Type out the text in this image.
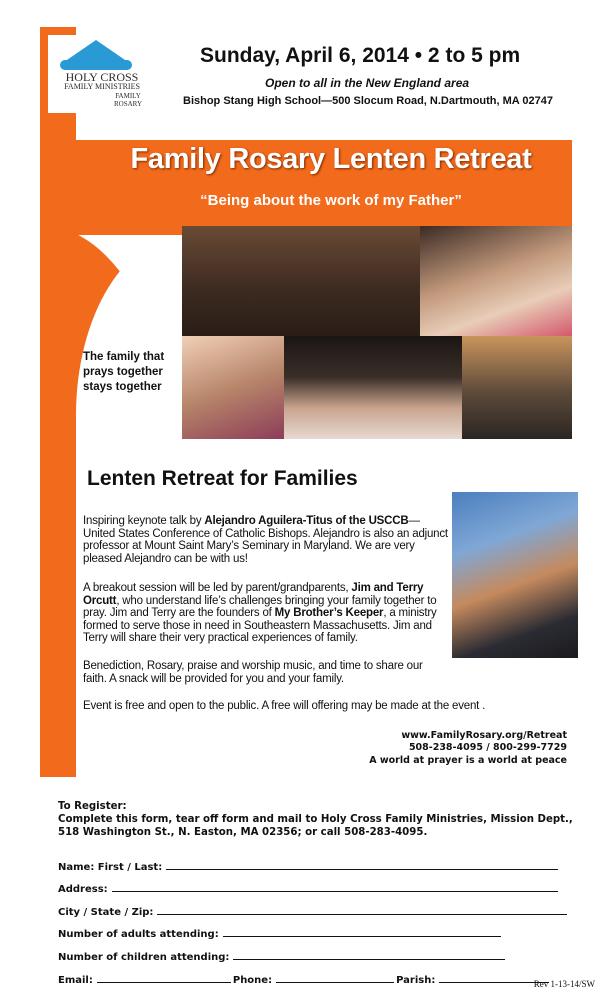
HOLY CROSS
FAMILY MINISTRIES
FAMILY ROSARY
Sunday, April 6, 2014 • 2 to 5 pm
Open to all in the New England area
Bishop Stang High School—500 Slocum Road, N.Dartmouth, MA 02747
Family Rosary Lenten Retreat
“Being about the work of my Father”
The family that prays together stays together
Lenten Retreat for Families
Inspiring keynote talk by Alejandro Aguilera-Titus of the USCCB—United States Conference of Catholic Bishops. Alejandro is also an adjunct professor at Mount Saint Mary’s Seminary in Maryland. We are very pleased Alejandro can be with us!
A breakout session will be led by parent/grandparents, Jim and Terry Orcutt, who understand life’s challenges bringing your family together to pray. Jim and Terry are the founders of My Brother’s Keeper, a ministry formed to serve those in need in Southeastern Massachusetts. Jim and Terry will share their very practical experiences of family.
Benediction, Rosary, praise and worship music, and time to share our faith. A snack will be provided for you and your family.
Event is free and open to the public. A free will offering may be made at the event .
www.FamilyRosary.org/Retreat
508-238-4095 / 800-299-7729
A world at prayer is a world at peace
To Register:
Complete this form, tear off form and mail to Holy Cross Family Ministries, Mission Dept., 518 Washington St., N. Easton, MA 02356; or call 508-283-4095.
Name: First / Last:
Address:
City / State / Zip:
Number of adults attending:
Number of children attending:
Email:	Phone:	Parish:	Rev 1-13-14/SW
